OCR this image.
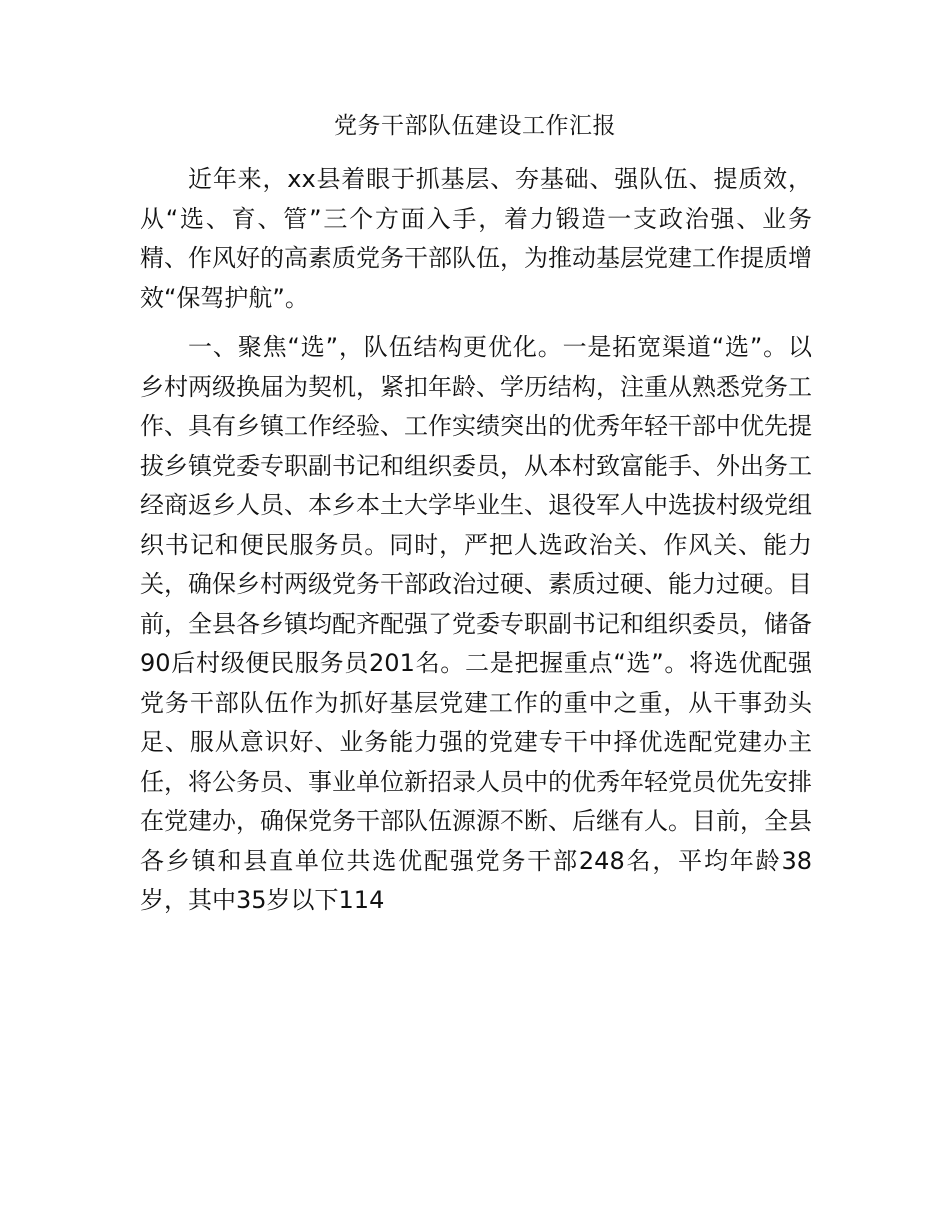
党务干部队伍建设工作汇报

近年来，xx县着眼于抓基层、夯基础、强队伍、提质效，从“选、育、管”三个方面入手，着力锻造一支政治强、业务精、作风好的高素质党务干部队伍，为推动基层党建工作提质增效“保驾护航”。

一、聚焦“选”，队伍结构更优化。一是拓宽渠道“选”。以乡村两级换届为契机，紧扣年龄、学历结构，注重从熟悉党务工作、具有乡镇工作经验、工作实绩突出的优秀年轻干部中优先提拔乡镇党委专职副书记和组织委员，从本村致富能手、外出务工经商返乡人员、本乡本土大学毕业生、退役军人中选拔村级党组织书记和便民服务员。同时，严把人选政治关、作风关、能力关，确保乡村两级党务干部政治过硬、素质过硬、能力过硬。目前，全县各乡镇均配齐配强了党委专职副书记和组织委员，储备90后村级便民服务员201名。二是把握重点“选”。将选优配强党务干部队伍作为抓好基层党建工作的重中之重，从干事劲头足、服从意识好、业务能力强的党建专干中择优选配党建办主任，将公务员、事业单位新招录人员中的优秀年轻党员优先安排在党建办，确保党务干部队伍源源不断、后继有人。目前，全县各乡镇和县直单位共选优配强党务干部248名，平均年龄38岁，其中35岁以下114
